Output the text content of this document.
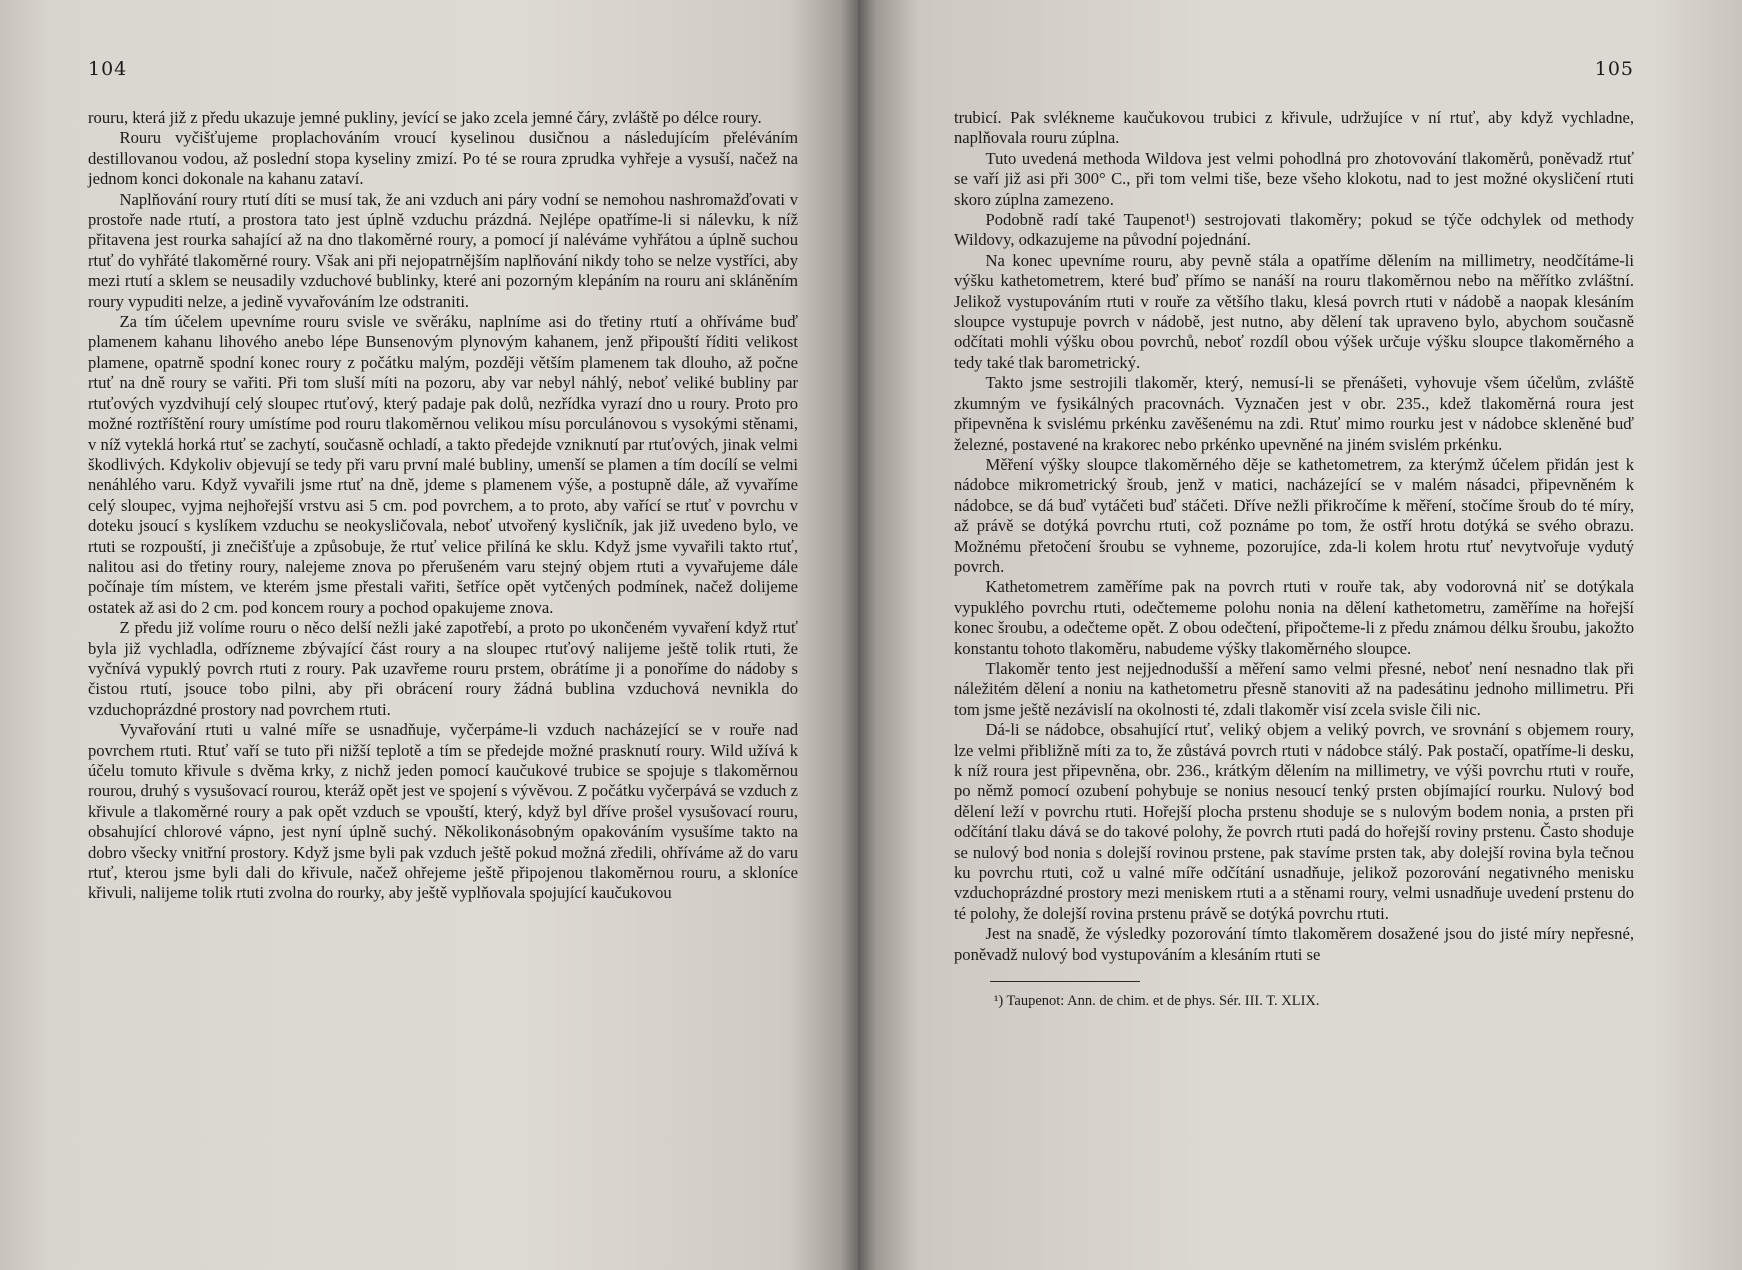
104

rouru, která již z předu ukazuje jemné pukliny, jevící se jako zcela jemné čáry, zvláště po délce roury.

Rouru vyčišťujeme proplachováním vroucí kyselinou dusičnou a následujícím přeléváním destillovanou vodou, až poslední stopa kyseliny zmizí. Po té se roura zprudka vyhřeje a vysuší, načež na jednom konci dokonale na kahanu zataví.

Naplňování roury rtutí díti se musí tak, že ani vzduch ani páry vodní se nemohou nashromažďovati v prostoře nade rtutí, a prostora tato jest úplně vzduchu prázdná. Nejlépe opatříme-li si nálevku, k níž přitavena jest rourka sahající až na dno tlakoměrné roury, a pomocí jí naléváme vyhřátou a úplně suchou rtuť do vyhřáté tlakoměrné roury. Však ani při nejopatrnějším naplňování nikdy toho se nelze vystříci, aby mezi rtutí a sklem se neusadily vzduchové bublinky, které ani pozorným klepáním na rouru ani skláněním roury vypuditi nelze, a jedině vyvařováním lze odstraniti.

Za tím účelem upevníme rouru svisle ve svěráku, naplníme asi do třetiny rtutí a ohříváme buď plamenem kahanu lihového anebo lépe Bunsenovým plynovým kahanem, jenž připouští říditi velikost plamene, opatrně spodní konec roury z počátku malým, později větším plamenem tak dlouho, až počne rtuť na dně roury se vařiti. Při tom sluší míti na pozoru, aby var nebyl náhlý, neboť veliké bubliny par rtuťových vyzdvihují celý sloupec rtuťový, který padaje pak dolů, nezřídka vyrazí dno u roury. Proto pro možné roztříštění roury umístíme pod rouru tlakoměrnou velikou mísu porculánovou s vysokými stěnami, v níž vyteklá horká rtuť se zachytí, současně ochladí, a takto předejde vzniknutí par rtuťových, jinak velmi škodlivých. Kdykoliv objevují se tedy při varu první malé bubliny, umenší se plamen a tím docílí se velmi nenáhlého varu. Když vyvařili jsme rtuť na dně, jdeme s plamenem výše, a postupně dále, až vyvaříme celý sloupec, vyjma nejhořejší vrstvu asi 5 cm. pod povrchem, a to proto, aby vařící se rtuť v povrchu v doteku jsoucí s kyslíkem vzduchu se neokysličovala, neboť utvořený kysličník, jak již uvedeno bylo, ve rtuti se rozpouští, ji znečišťuje a způsobuje, že rtuť velice přilíná ke sklu. Když jsme vyvařili takto rtuť, nalitou asi do třetiny roury, nalejeme znova po přerušeném varu stejný objem rtuti a vyvařujeme dále počínaje tím místem, ve kterém jsme přestali vařiti, šetříce opět vytčených podmínek, načež dolijeme ostatek až asi do 2 cm. pod koncem roury a pochod opakujeme znova.

Z předu již volíme rouru o něco delší nežli jaké zapotřebí, a proto po ukončeném vyvaření když rtuť byla již vychladla, odřízneme zbývající část roury a na sloupec rtuťový nalijeme ještě tolik rtuti, že vyčnívá vypuklý povrch rtuti z roury. Pak uzavřeme rouru prstem, obrátíme ji a ponoříme do nádoby s čistou rtutí, jsouce tobo pilni, aby při obrácení roury žádná bublina vzduchová nevnikla do vzduchoprázdné prostory nad povrchem rtuti.

Vyvařování rtuti u valné míře se usnadňuje, vyčerpáme-li vzduch nacházející se v rouře nad povrchem rtuti. Rtuť vaří se tuto při nižší teplotě a tím se předejde možné prasknutí roury. Wild užívá k účelu tomuto křivule s dvěma krky, z nichž jeden pomocí kaučukové trubice se spojuje s tlakoměrnou rourou, druhý s vysušovací rourou, kteráž opět jest ve spojení s vývěvou. Z počátku vyčerpává se vzduch z křivule a tlakoměrné roury a pak opět vzduch se vpouští, který, když byl dříve prošel vysušovací rouru, obsahující chlorové vápno, jest nyní úplně suchý. Několikonásobným opakováním vysušíme takto na dobro všecky vnitřní prostory. Když jsme byli pak vzduch ještě pokud možná zředili, ohříváme až do varu rtuť, kterou jsme byli dali do křivule, načež ohřejeme ještě připojenou tlakoměrnou rouru, a skloníce křivuli, nalijeme tolik rtuti zvolna do rourky, aby ještě vyplňovala spojující kaučukovou

105

trubicí. Pak svlékneme kaučukovou trubici z křivule, udržujíce v ní rtuť, aby když vychladne, naplňovala rouru zúplna.

Tuto uvedená methoda Wildova jest velmi pohodlná pro zhotovování tlakoměrů, poněvadž rtuť se vaří již asi při 300° C., při tom velmi tiše, beze všeho klokotu, nad to jest možné okysličení rtuti skoro zúplna zamezeno.

Podobně radí také Taupenot¹) sestrojovati tlakoměry; pokud se týče odchylek od methody Wildovy, odkazujeme na původní pojednání.

Na konec upevníme rouru, aby pevně stála a opatříme dělením na millimetry, neodčítáme-li výšku kathetometrem, které buď přímo se nanáší na rouru tlakoměrnou nebo na měřítko zvláštní. Jelikož vystupováním rtuti v rouře za většího tlaku, klesá povrch rtuti v nádobě a naopak klesáním sloupce vystupuje povrch v nádobě, jest nutno, aby dělení tak upraveno bylo, abychom současně odčítati mohli výšku obou povrchů, neboť rozdíl obou výšek určuje výšku sloupce tlakoměrného a tedy také tlak barometrický.

Takto jsme sestrojili tlakoměr, který, nemusí-li se přenášeti, vyhovuje všem účelům, zvláště zkumným ve fysikálných pracovnách. Vyznačen jest v obr. 235., kdež tlakoměrná roura jest připevněna k svislému prkénku zavěšenému na zdi. Rtuť mimo rourku jest v nádobce skleněné buď železné, postavené na krakorec nebo prkénko upevněné na jiném svislém prkénku.

Měření výšky sloupce tlakoměrného děje se kathetometrem, za kterýmž účelem přidán jest k nádobce mikrometrický šroub, jenž v matici, nacházející se v malém násadci, připevněném k nádobce, se dá buď vytáčeti buď stáčeti. Dříve nežli přikročíme k měření, stočíme šroub do té míry, až právě se dotýká povrchu rtuti, což poznáme po tom, že ostří hrotu dotýká se svého obrazu. Možnému přetočení šroubu se vyhneme, pozorujíce, zda-li kolem hrotu rtuť nevytvořuje vydutý povrch.

Kathetometrem zaměříme pak na povrch rtuti v rouře tak, aby vodorovná niť se dotýkala vypuklého povrchu rtuti, odečtememe polohu nonia na dělení kathetometru, zaměříme na hořejší konec šroubu, a odečteme opět. Z obou odečtení, připočteme-li z předu známou délku šroubu, jakožto konstantu tohoto tlakoměru, nabudeme výšky tlakoměrného sloupce.

Tlakoměr tento jest nejjednodušší a měření samo velmi přesné, neboť není nesnadno tlak při náležitém dělení a noniu na kathetometru přesně stanoviti až na padesátinu jednoho millimetru. Při tom jsme ještě nezávislí na okolnosti té, zdali tlakoměr visí zcela svisle čili nic.

Dá-li se nádobce, obsahující rtuť, veliký objem a veliký povrch, ve srovnání s objemem roury, lze velmi přibližně míti za to, že zůstává povrch rtuti v nádobce stálý. Pak postačí, opatříme-li desku, k níž roura jest připevněna, obr. 236., krátkým dělením na millimetry, ve výši povrchu rtuti v rouře, po němž pomocí ozubení pohybuje se nonius nesoucí tenký prsten objímající rourku. Nulový bod dělení leží v povrchu rtuti. Hořejší plocha prstenu shoduje se s nulovým bodem nonia, a prsten při odčítání tlaku dává se do takové polohy, že povrch rtuti padá do hořejší roviny prstenu. Často shoduje se nulový bod nonia s dolejší rovinou prstene, pak stavíme prsten tak, aby dolejší rovina byla tečnou ku povrchu rtuti, což u valné míře odčítání usnadňuje, jelikož pozorování negativného menisku vzduchoprázdné prostory mezi meniskem rtuti a a stěnami roury, velmi usnadňuje uvedení prstenu do té polohy, že dolejší rovina prstenu právě se dotýká povrchu rtuti.

Jest na snadě, že výsledky pozorování tímto tlakoměrem dosažené jsou do jisté míry nepřesné, poněvadž nulový bod vystupováním a klesáním rtuti se

¹) Taupenot: Ann. de chim. et de phys. Sér. III. T. XLIX.
